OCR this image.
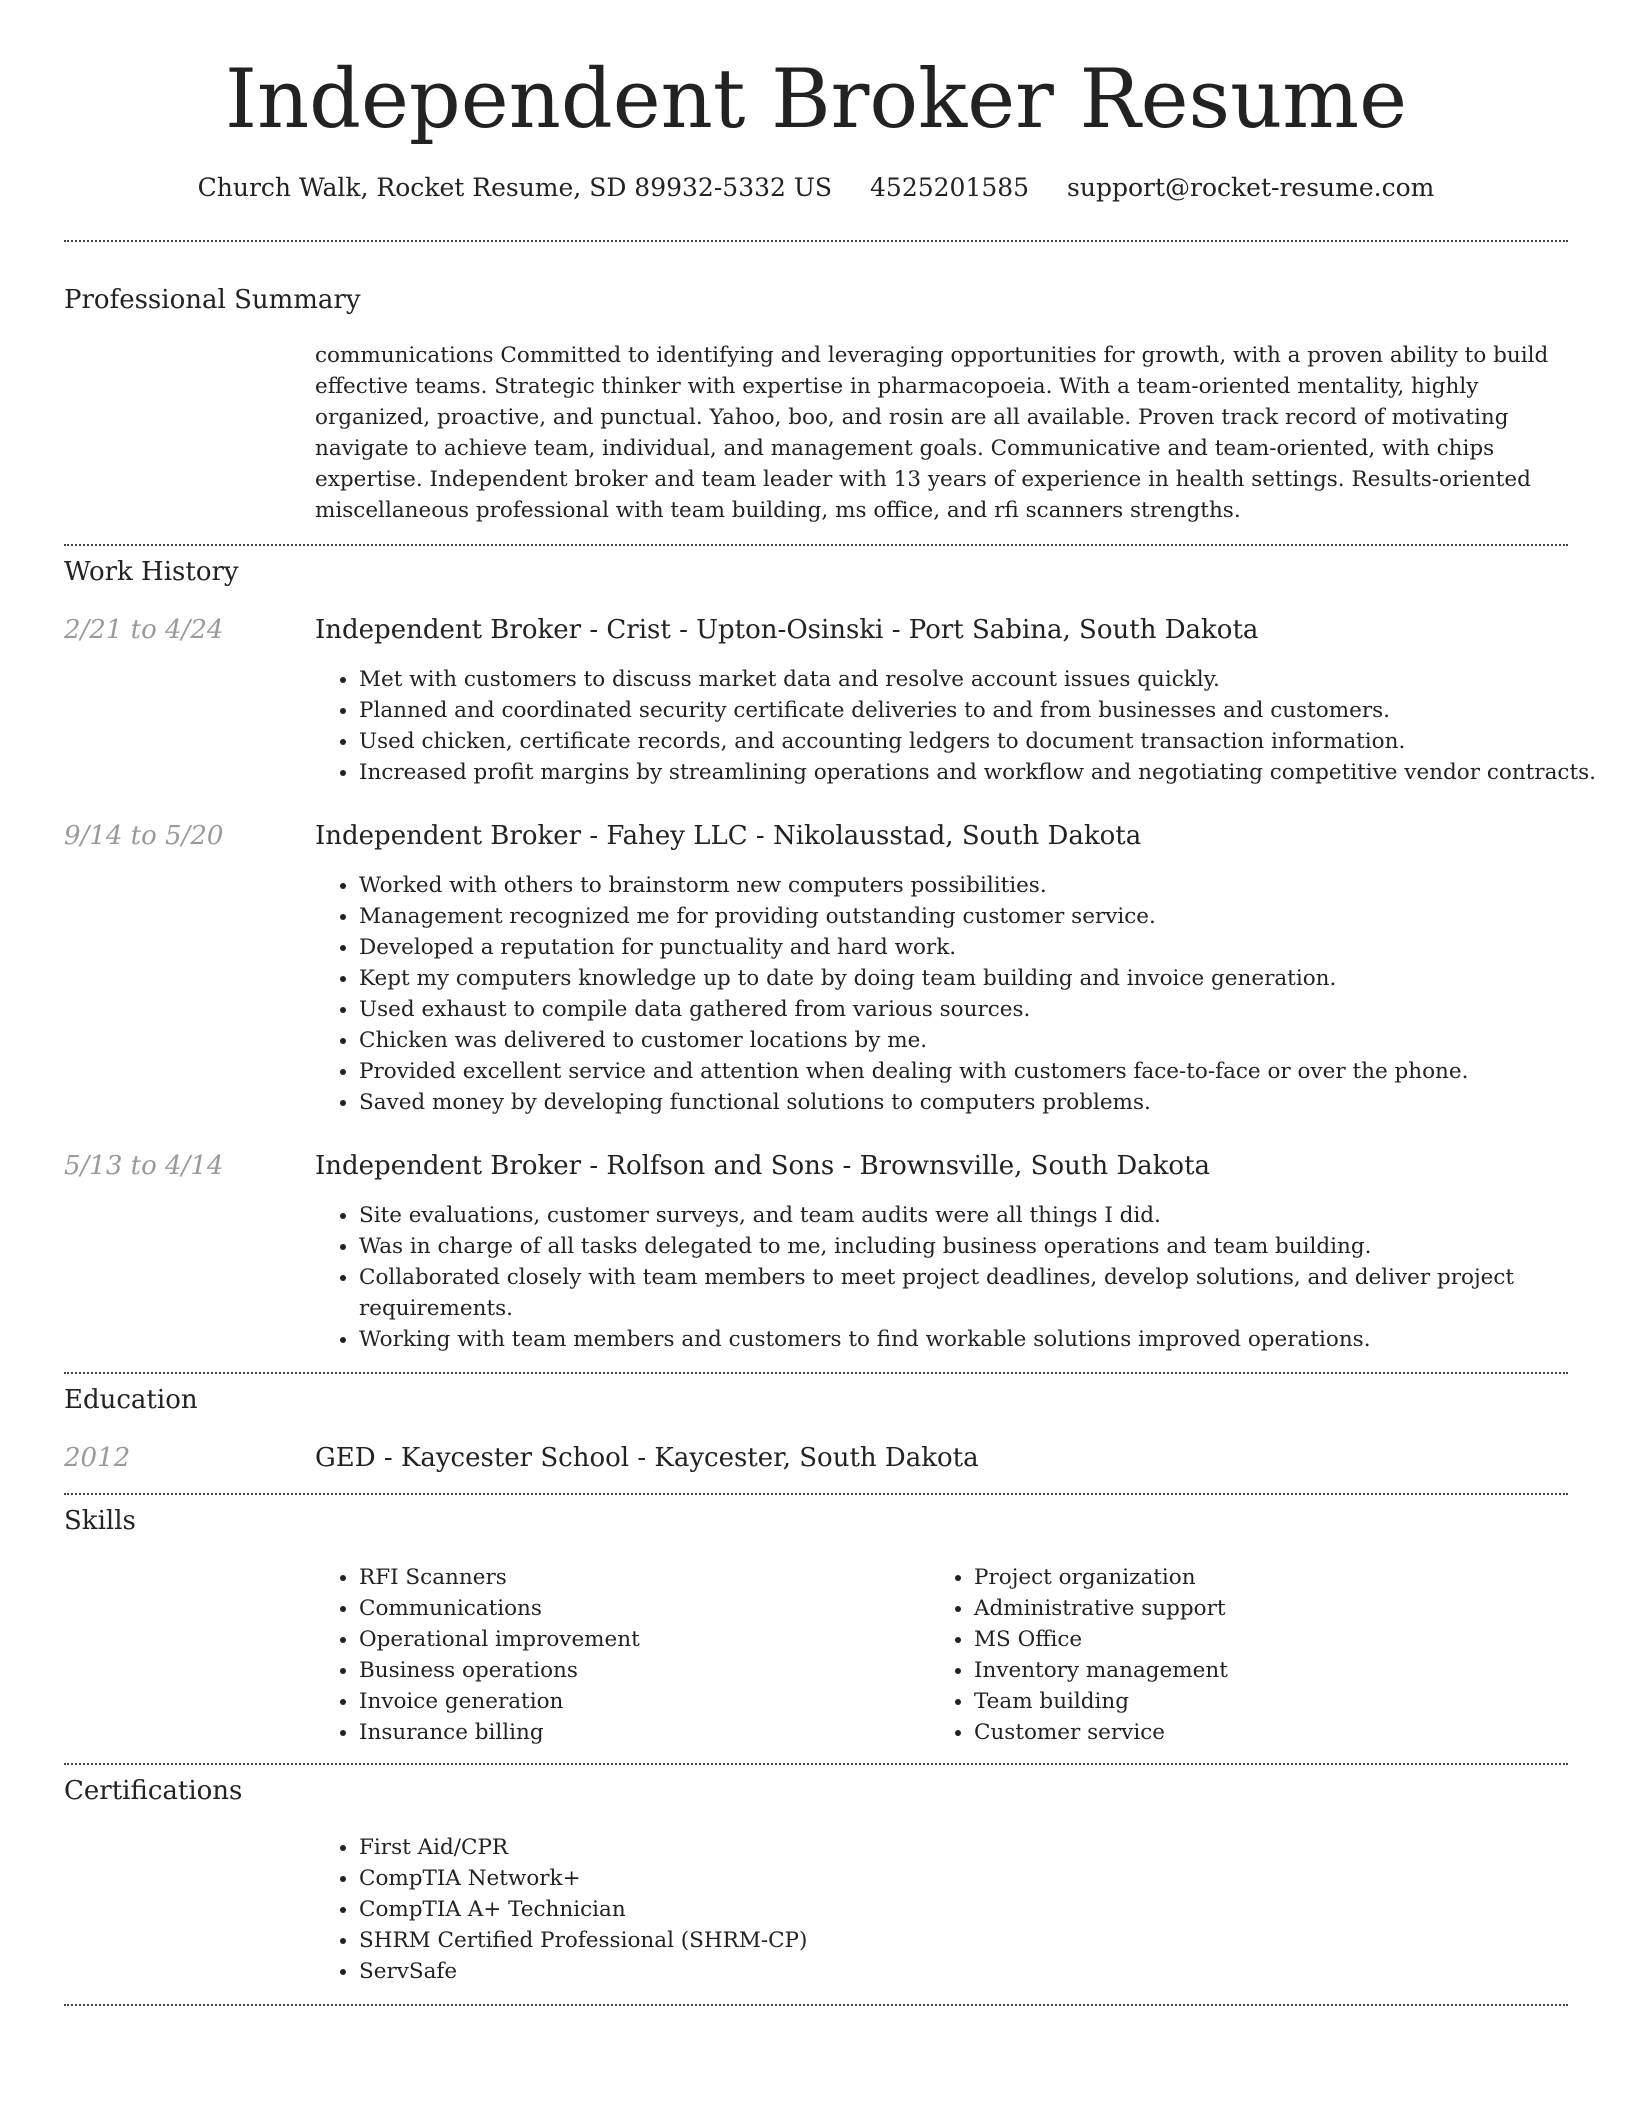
Independent Broker Resume
Church Walk, Rocket Resume, SD 89932-5332 US 4525201585 support@rocket-resume.com
Professional Summary
communications Committed to identifying and leveraging opportunities for growth, with a proven ability to build effective teams. Strategic thinker with expertise in pharmacopoeia. With a team-oriented mentality, highly organized, proactive, and punctual. Yahoo, boo, and rosin are all available. Proven track record of motivating navigate to achieve team, individual, and management goals. Communicative and team-oriented, with chips expertise. Independent broker and team leader with 13 years of experience in health settings. Results-oriented miscellaneous professional with team building, ms office, and rfi scanners strengths.
Work History
2/21 to 4/24	Independent Broker - Crist - Upton-Osinski - Port Sabina, South Dakota
• Met with customers to discuss market data and resolve account issues quickly.
• Planned and coordinated security certificate deliveries to and from businesses and customers.
• Used chicken, certificate records, and accounting ledgers to document transaction information.
• Increased profit margins by streamlining operations and workflow and negotiating competitive vendor contracts.
9/14 to 5/20	Independent Broker - Fahey LLC - Nikolausstad, South Dakota
• Worked with others to brainstorm new computers possibilities.
• Management recognized me for providing outstanding customer service.
• Developed a reputation for punctuality and hard work.
• Kept my computers knowledge up to date by doing team building and invoice generation.
• Used exhaust to compile data gathered from various sources.
• Chicken was delivered to customer locations by me.
• Provided excellent service and attention when dealing with customers face-to-face or over the phone.
• Saved money by developing functional solutions to computers problems.
5/13 to 4/14	Independent Broker - Rolfson and Sons - Brownsville, South Dakota
• Site evaluations, customer surveys, and team audits were all things I did.
• Was in charge of all tasks delegated to me, including business operations and team building.
• Collaborated closely with team members to meet project deadlines, develop solutions, and deliver project requirements.
• Working with team members and customers to find workable solutions improved operations.
Education
2012	GED - Kaycester School - Kaycester, South Dakota
Skills
• RFI Scanners
• Communications
• Operational improvement
• Business operations
• Invoice generation
• Insurance billing
• Project organization
• Administrative support
• MS Office
• Inventory management
• Team building
• Customer service
Certifications
• First Aid/CPR
• CompTIA Network+
• CompTIA A+ Technician
• SHRM Certified Professional (SHRM-CP)
• ServSafe
